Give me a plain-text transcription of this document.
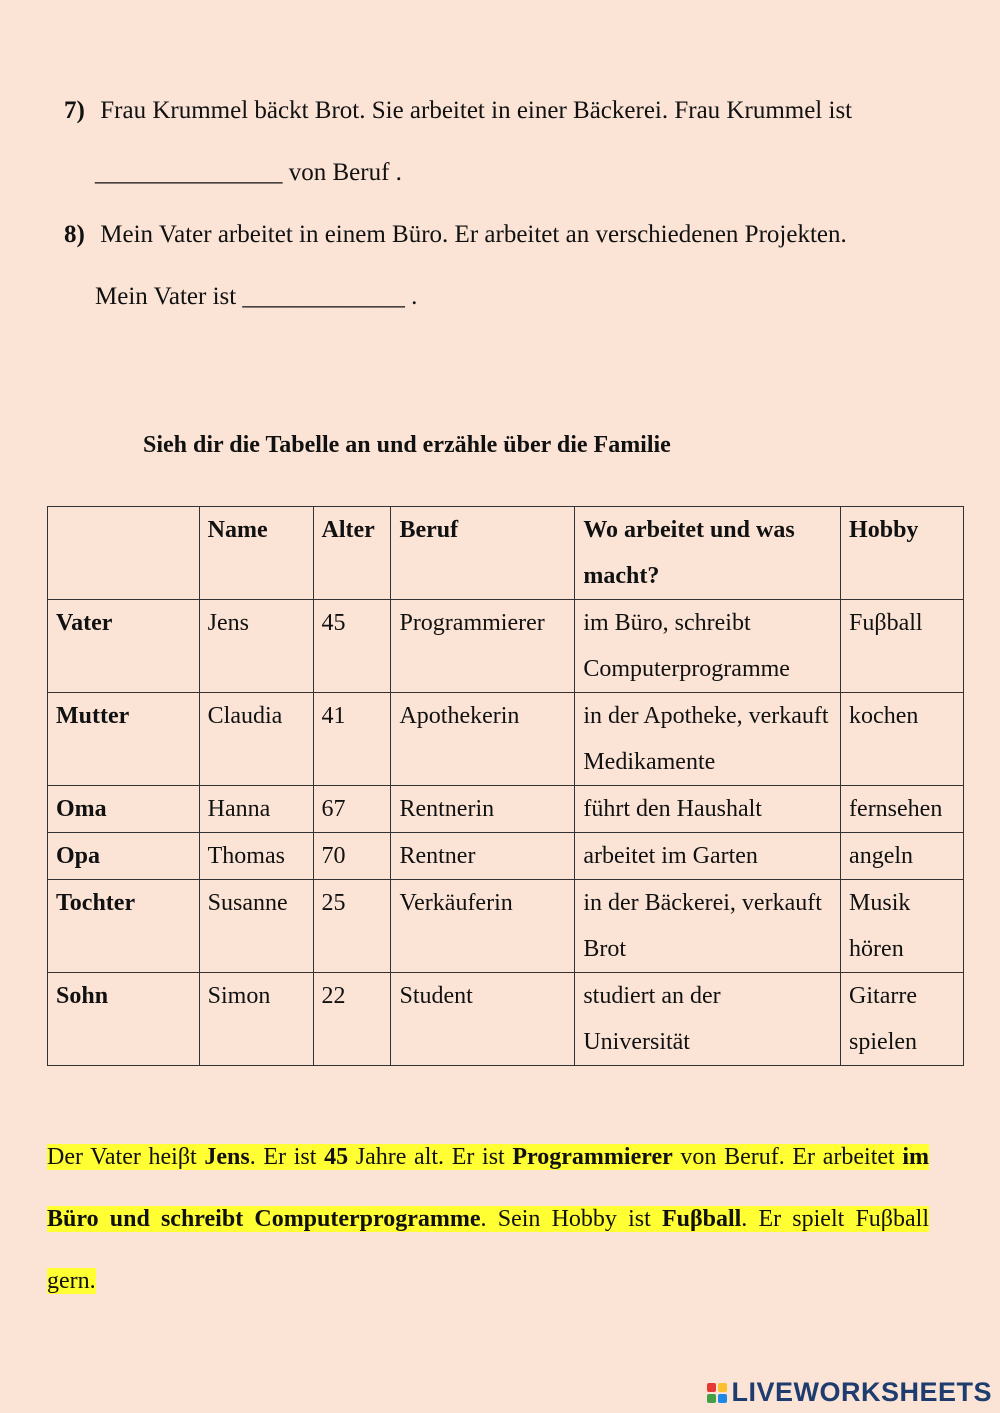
7) Frau Krummel bäckt Brot. Sie arbeitet in einer Bäckerei. Frau Krummel ist
_______________ von Beruf .
8) Mein Vater arbeitet in einem Büro. Er arbeitet an verschiedenen Projekten.
Mein Vater ist _____________ .
Sieh dir die Tabelle an und erzähle über die Familie
	Name	Alter	Beruf	Wo arbeitet und was macht?	Hobby
Vater	Jens	45	Programmierer	im Büro, schreibt Computerprogramme	Fuβball
Mutter	Claudia	41	Apothekerin	in der Apotheke, verkauft Medikamente	kochen
Oma	Hanna	67	Rentnerin	führt den Haushalt	fernsehen
Opa	Thomas	70	Rentner	arbeitet im Garten	angeln
Tochter	Susanne	25	Verkäuferin	in der Bäckerei, verkauft Brot	Musik hören
Sohn	Simon	22	Student	studiert an der Universität	Gitarre spielen
Der Vater heiβt Jens. Er ist 45 Jahre alt. Er ist Programmierer von Beruf. Er arbeitet im Büro und schreibt Computerprogramme. Sein Hobby ist Fuβball. Er spielt Fuβball gern.
LIVEWORKSHEETS
